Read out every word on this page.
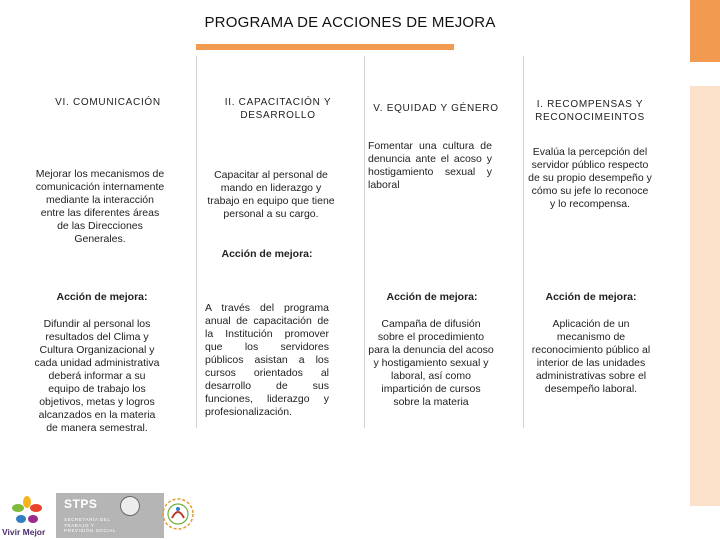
PROGRAMA DE ACCIONES DE MEJORA
VI. COMUNICACIÓN
Mejorar los mecanismos de comunicación internamente mediante la interacción entre las diferentes áreas de las Direcciones Generales.
Acción de mejora:
Difundir al personal los resultados del Clima y Cultura Organizacional y cada unidad administrativa deberá informar a su equipo de trabajo los objetivos, metas y logros alcanzados en la materia de manera semestral.
II. CAPACITACIÓN Y DESARROLLO
Capacitar al personal de mando en liderazgo y trabajo en equipo que tiene personal a su cargo.
Acción de mejora:
A través del programa anual de capacitación de la Institución promover que los servidores públicos asistan a los cursos orientados al desarrollo de sus funciones, liderazgo y profesionalización.
V. EQUIDAD Y GÉNERO
Fomentar una cultura de denuncia ante el acoso y hostigamiento sexual y laboral
Acción de mejora:
Campaña de difusión sobre el procedimiento para la denuncia del acoso y hostigamiento sexual y laboral, así como impartición de cursos sobre la materia
I. RECOMPENSAS Y RECONOCIMEINTOS
Evalúa la percepción del servidor público respecto de su propio desempeño y cómo su jefe lo reconoce y lo recompensa.
Acción de mejora:
Aplicación de un mecanismo de reconocimiento público al interior de las unidades administrativas sobre el desempeño laboral.
Vivir Mejor
STPS
SECRETARÍA DEL TRABAJO Y PREVISIÓN SOCIAL
